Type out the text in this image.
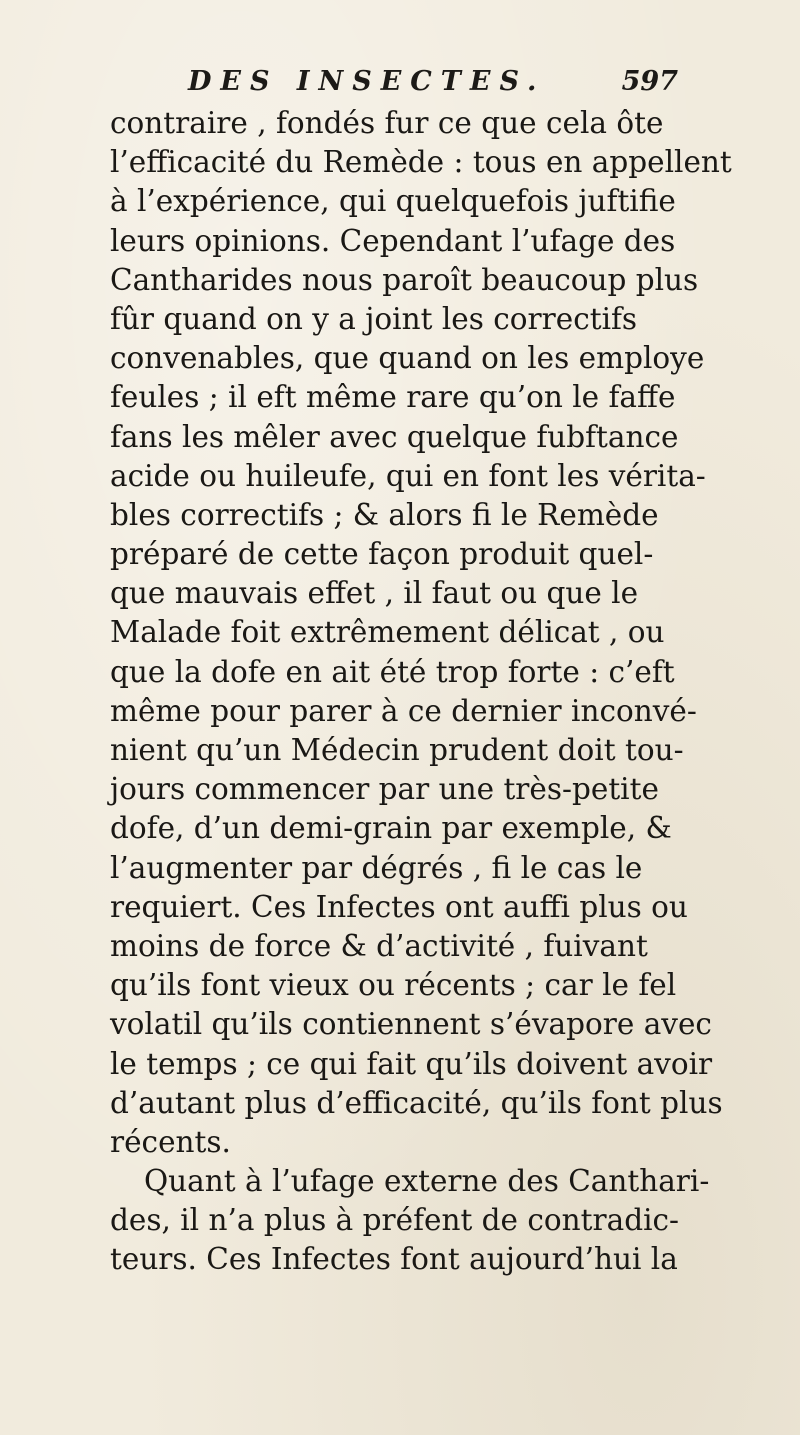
DES INSECTES.	597
contraire , fondés fur ce que cela ôte
l’efficacité du Remède : tous en appellent
à l’expérience, qui quelquefois juftifie
leurs opinions. Cependant l’ufage des
Cantharides nous paroît beaucoup plus
fûr quand on y a joint les correctifs
convenables, que quand on les employe
feules ; il eft même rare qu’on le faffe
fans les mêler avec quelque fubftance
acide ou huileufe, qui en font les vérita-
bles correctifs ; & alors fi le Remède
préparé de cette façon produit quel-
que mauvais effet , il faut ou que le
Malade foit extrêmement délicat , ou
que la dofe en ait été trop forte : c’eft
même pour parer à ce dernier inconvé-
nient qu’un Médecin prudent doit tou-
jours commencer par une très-petite
dofe, d’un demi-grain par exemple, &
l’augmenter par dégrés , fi le cas le
requiert. Ces Infectes ont auffi plus ou
moins de force & d’activité , fuivant
qu’ils font vieux ou récents ; car le fel
volatil qu’ils contiennent s’évapore avec
le temps ; ce qui fait qu’ils doivent avoir
d’autant plus d’efficacité, qu’ils font plus
récents.
Quant à l’ufage externe des Canthari-
des, il n’a plus à préfent de contradic-
teurs. Ces Infectes font aujourd’hui la
